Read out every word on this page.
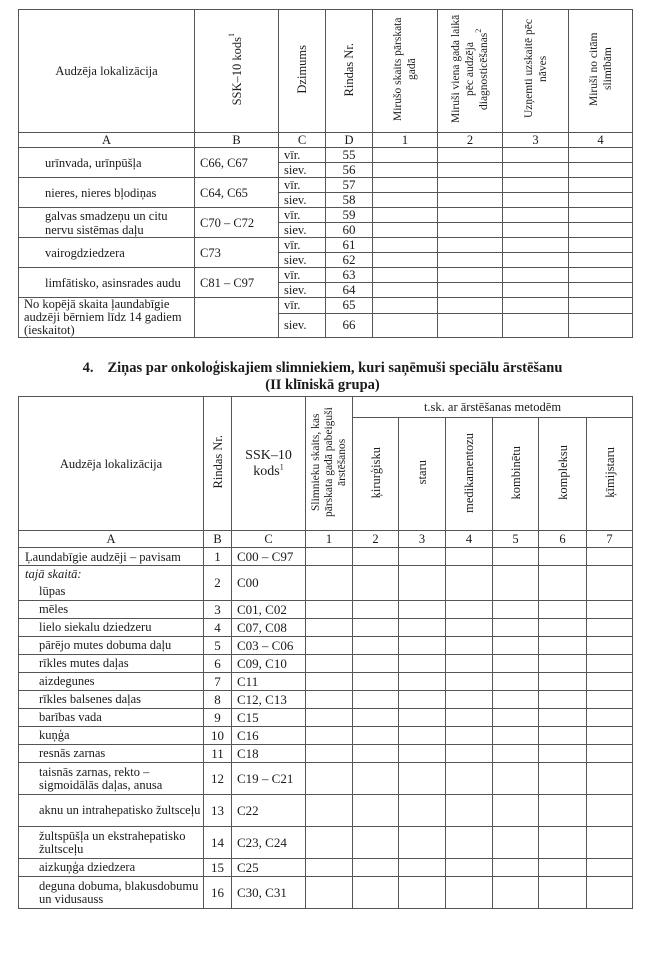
Audzēja lokalizācija	SSK–10 kods$^1$	Dzimums	Rindas Nr.	Mirušo skaits pārskata gadā	Miruši viena gada laikā pēc audzēja diagnosticēšanas$^2$	Uzņemti uzskaitē pēc nāves	Miruši no citām slimībām
A	B	C	D	1	2	3	4
urīnvada, urīnpūšļa	C66, C67	vīr.	55				
		siev.	56				
nieres, nieres bļodiņas	C64, C65	vīr.	57				
		siev.	58				
galvas smadzeņu un citu nervu sistēmas daļu	C70 – C72	vīr.	59				
		siev.	60				
vairogdziedzera	C73	vīr.	61				
		siev.	62				
limfātisko, asinsrades audu	C81 – C97	vīr.	63				
		siev.	64				
No kopējā skaita ļaundabīgie audzēji bērniem līdz 14 gadiem (ieskaitot)		vīr.	65				
		siev.	66				
4. Ziņas par onkoloģiskajiem slimniekiem, kuri saņēmuši speciālu ārstēšanu
(II klīniskā grupa)
Audzēja lokalizācija	Rindas Nr.	SSK–10 kods$^1$	Slimnieku skaits, kas pārskata gadā pabeiguši ārstēšanos	t.sk. ar ārstēšanas metodēm					
				ķirurģisku	staru	medikamentozu	kombinētu	kompleksu	ķīmijstaru
A	B	C	1	2	3	4	5	6	7
Ļaundabīgie audzēji – pavisam	1	C00 – C97							
tajā skaitā:
lūpas	2	C00							
mēles	3	C01, C02							
lielo siekalu dziedzeru	4	C07, C08							
pārējo mutes dobuma daļu	5	C03 – C06							
rīkles mutes daļas	6	C09, C10							
aizdegunes	7	C11							
rīkles balsenes daļas	8	C12, C13							
barības vada	9	C15							
kuņģa	10	C16							
resnās zarnas	11	C18							
taisnās zarnas, rekto – sigmoidālās daļas, anusa	12	C19 – C21							
aknu un intrahepatisko žultsceļu	13	C22							
žultspūšļa un ekstrahepatisko žultsceļu	14	C23, C24							
aizkuņģa dziedzera	15	C25							
deguna dobuma, blakusdobumu un vidusauss	16	C30, C31							
